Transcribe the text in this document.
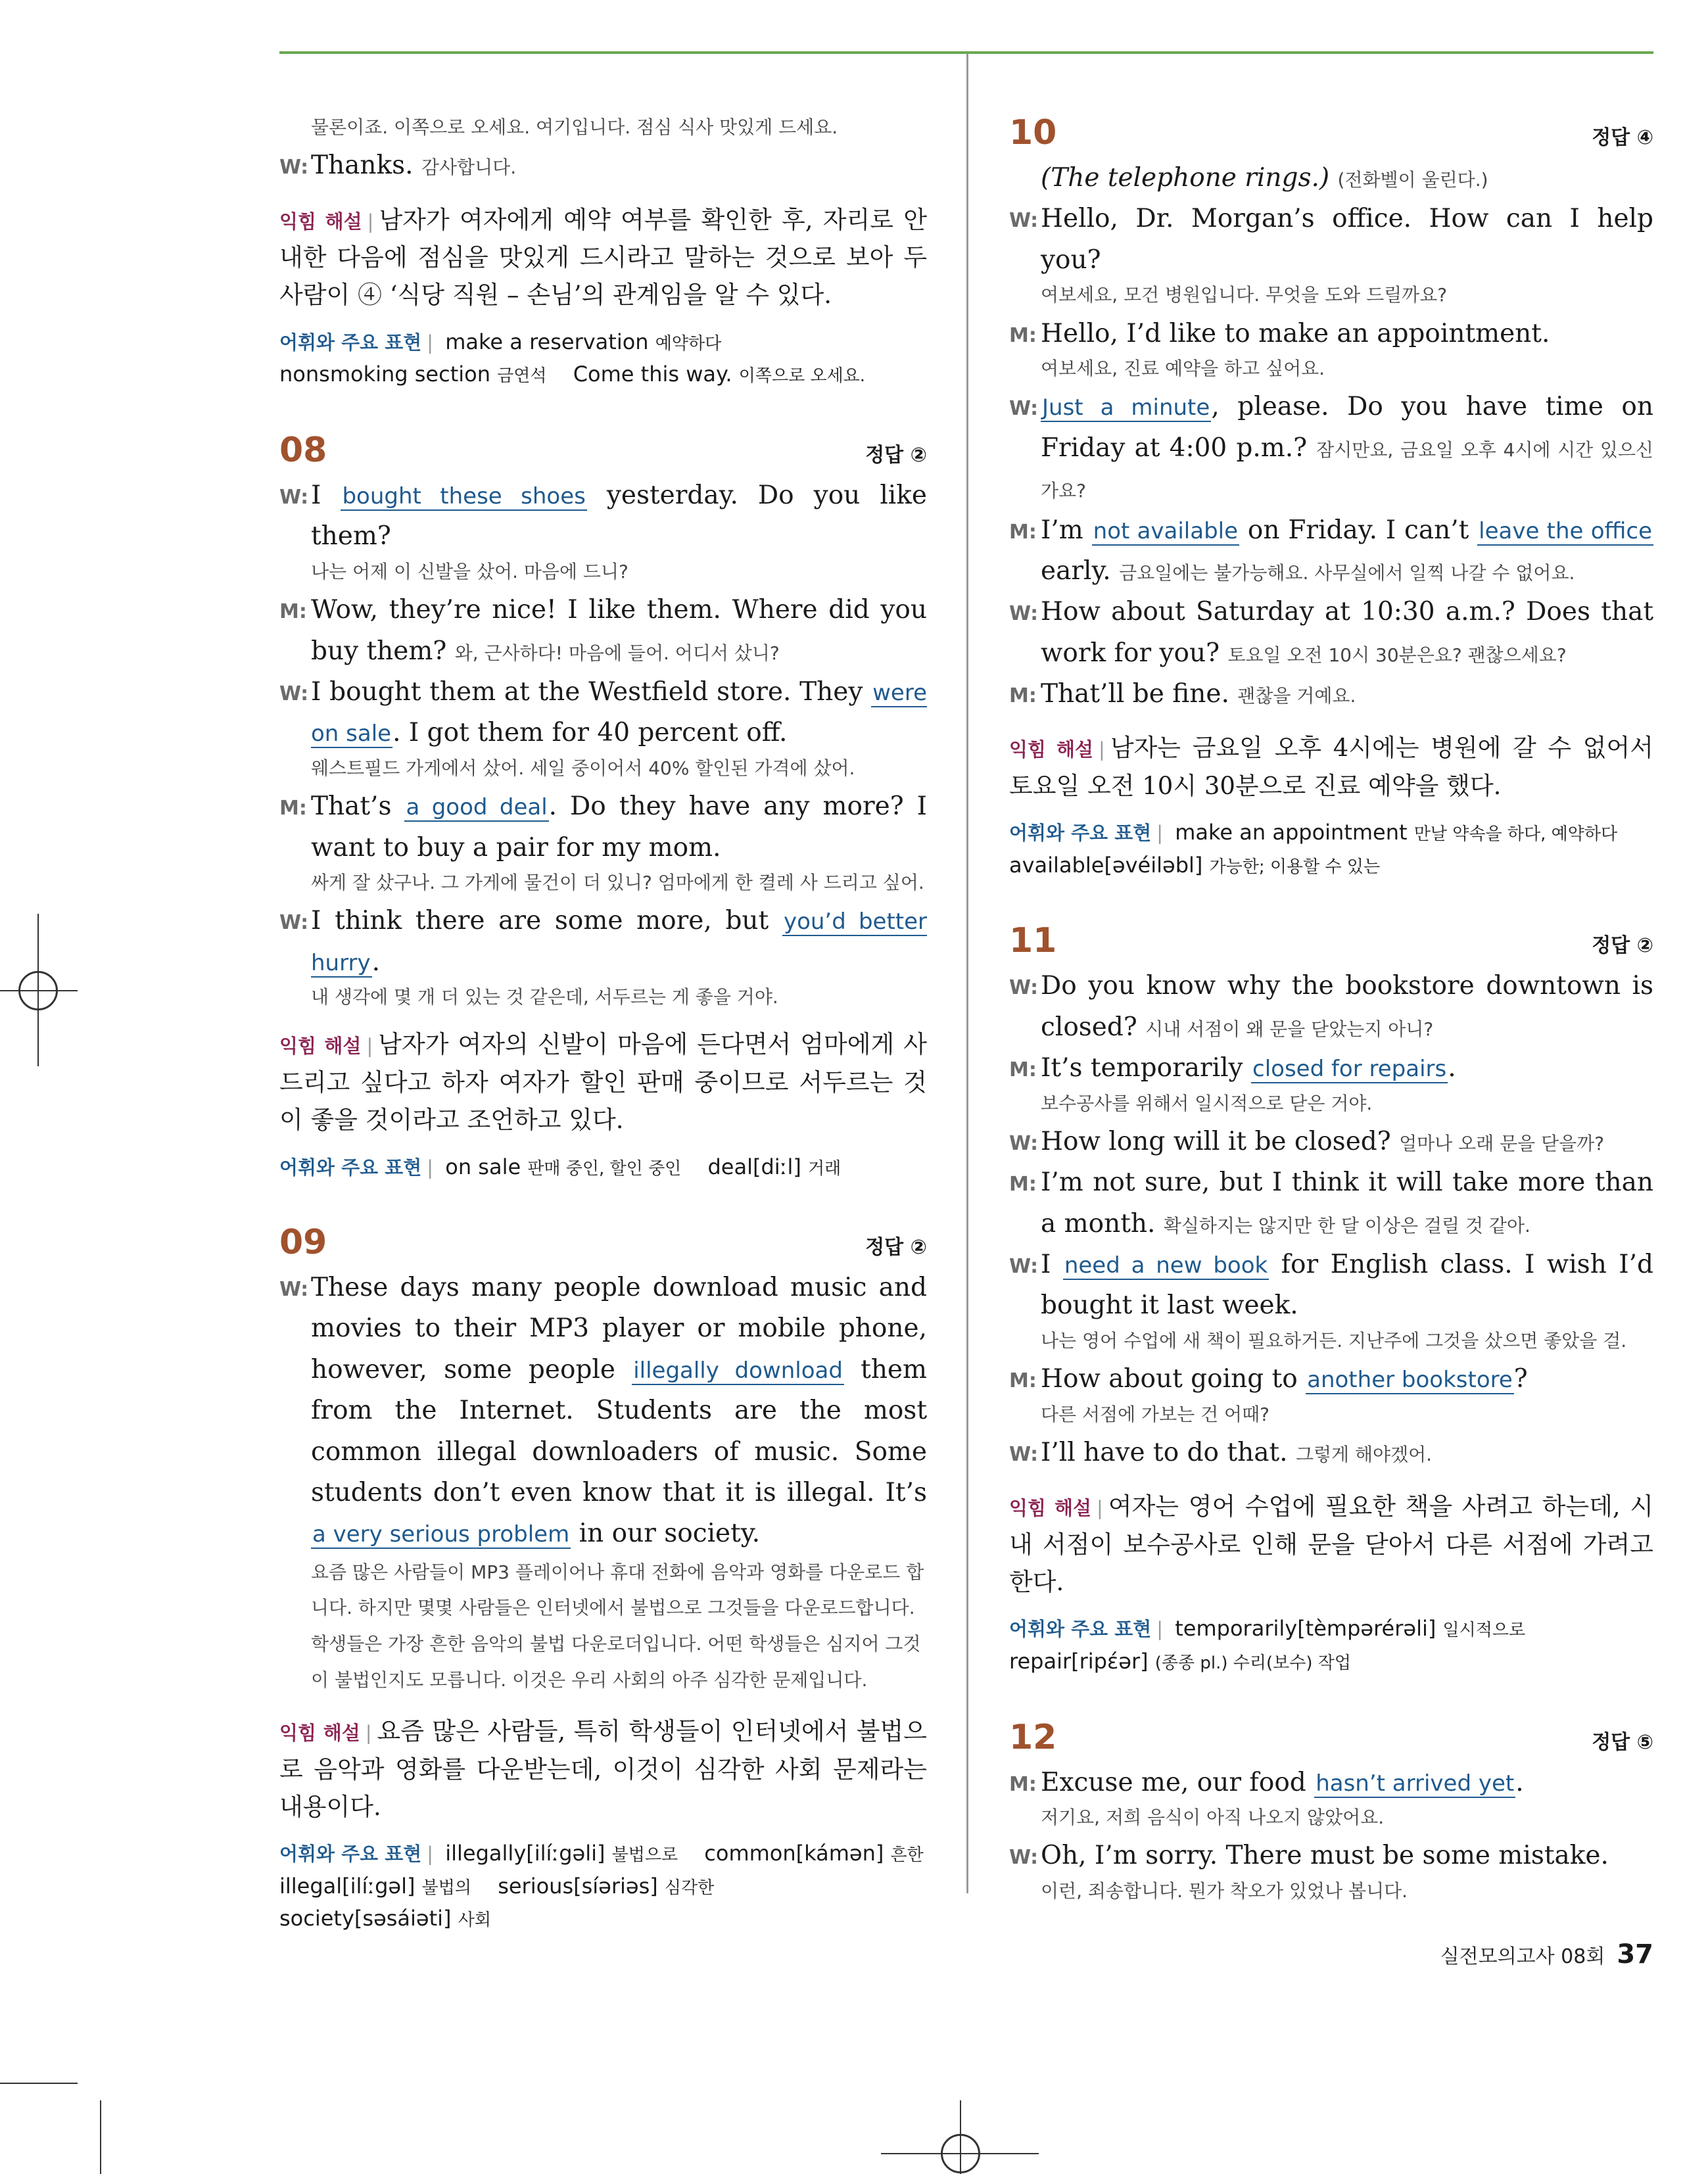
물론이죠. 이쪽으로 오세요. 여기입니다. 점심 식사 맛있게 드세요.

W: Thanks. 감사합니다.
익힘 해설 | 남자가 여자에게 예약 여부를 확인한 후, 자리로 안내한 다음에 점심을 맛있게 드시라고 말하는 것으로 보아 두 사람이 ④ ‘식당 직원 – 손님’의 관계임을 알 수 있다.
어휘와 주요 표현 | make a reservation 예약하다
nonsmoking section 금연석 Come this way. 이쪽으로 오세요.
08	정답 ②
W: I bought these shoes yesterday. Do you like them?

나는 어제 이 신발을 샀어. 마음에 드니?

M: Wow, they’re nice! I like them. Where did you buy them? 와, 근사하다! 마음에 들어. 어디서 샀니?
W: I bought them at the Westfield store. They were on sale. I got them for 40 percent off.

웨스트필드 가게에서 샀어. 세일 중이어서 40% 할인된 가격에 샀어.

M: That’s a good deal. Do they have any more? I want to buy a pair for my mom.

싸게 잘 샀구나. 그 가게에 물건이 더 있니? 엄마에게 한 켤레 사 드리고 싶어.

W: I think there are some more, but you’d better hurry.

내 생각에 몇 개 더 있는 것 같은데, 서두르는 게 좋을 거야.

익힘 해설 | 남자가 여자의 신발이 마음에 든다면서 엄마에게 사 드리고 싶다고 하자 여자가 할인 판매 중이므로 서두르는 것이 좋을 것이라고 조언하고 있다.
어휘와 주요 표현 | on sale 판매 중인, 할인 중인 deal[diːl] 거래
09	정답 ②
W: These days many people download music and movies to their MP3 player or mobile phone, however, some people illegally download them from the Internet. Students are the most common illegal downloaders of music. Some students don’t even know that it is illegal. It’s a very serious problem in our society.

요즘 많은 사람들이 MP3 플레이어나 휴대 전화에 음악과 영화를 다운로드 합니다. 하지만 몇몇 사람들은 인터넷에서 불법으로 그것들을 다운로드합니다. 학생들은 가장 흔한 음악의 불법 다운로더입니다. 어떤 학생들은 심지어 그것이 불법인지도 모릅니다. 이것은 우리 사회의 아주 심각한 문제입니다.

익힘 해설 | 요즘 많은 사람들, 특히 학생들이 인터넷에서 불법으로 음악과 영화를 다운받는데, 이것이 심각한 사회 문제라는 내용이다.
어휘와 주요 표현 | illegally[ilíːgəli] 불법으로 common[kámən] 흔한
illegal[ilíːgəl] 불법의 serious[síəriəs] 심각한
society[səsáiəti] 사회
10	정답 ④
(The telephone rings.) (전화벨이 울린다.)
W: Hello, Dr. Morgan’s office. How can I help you?

여보세요, 모건 병원입니다. 무엇을 도와 드릴까요?

M: Hello, I’d like to make an appointment.

여보세요, 진료 예약을 하고 싶어요.

W: Just a minute, please. Do you have time on Friday at 4:00 p.m.? 잠시만요, 금요일 오후 4시에 시간 있으신가요?
M: I’m not available on Friday. I can’t leave the office early. 금요일에는 불가능해요. 사무실에서 일찍 나갈 수 없어요.
W: How about Saturday at 10:30 a.m.? Does that work for you? 토요일 오전 10시 30분은요? 괜찮으세요?
M: That’ll be fine. 괜찮을 거예요.
익힘 해설 | 남자는 금요일 오후 4시에는 병원에 갈 수 없어서 토요일 오전 10시 30분으로 진료 예약을 했다.
어휘와 주요 표현 | make an appointment 만날 약속을 하다, 예약하다
available[əvéiləbl] 가능한; 이용할 수 있는
11	정답 ②
W: Do you know why the bookstore downtown is closed? 시내 서점이 왜 문을 닫았는지 아니?
M: It’s temporarily closed for repairs.

보수공사를 위해서 일시적으로 닫은 거야.

W: How long will it be closed? 얼마나 오래 문을 닫을까?
M: I’m not sure, but I think it will take more than a month. 확실하지는 않지만 한 달 이상은 걸릴 것 같아.
W: I need a new book for English class. I wish I’d bought it last week.

나는 영어 수업에 새 책이 필요하거든. 지난주에 그것을 샀으면 좋았을 걸.

M: How about going to another bookstore?

다른 서점에 가보는 건 어때?

W: I’ll have to do that. 그렇게 해야겠어.
익힘 해설 | 여자는 영어 수업에 필요한 책을 사려고 하는데, 시내 서점이 보수공사로 인해 문을 닫아서 다른 서점에 가려고 한다.
어휘와 주요 표현 | temporarily[tèmpərérəli] 일시적으로
repair[ripέər] (종종 pl.) 수리(보수) 작업
12	정답 ⑤
M: Excuse me, our food hasn’t arrived yet.

저기요, 저희 음식이 아직 나오지 않았어요.

W: Oh, I’m sorry. There must be some mistake.

이런, 죄송합니다. 뭔가 착오가 있었나 봅니다.

실전모의고사 08회 37
